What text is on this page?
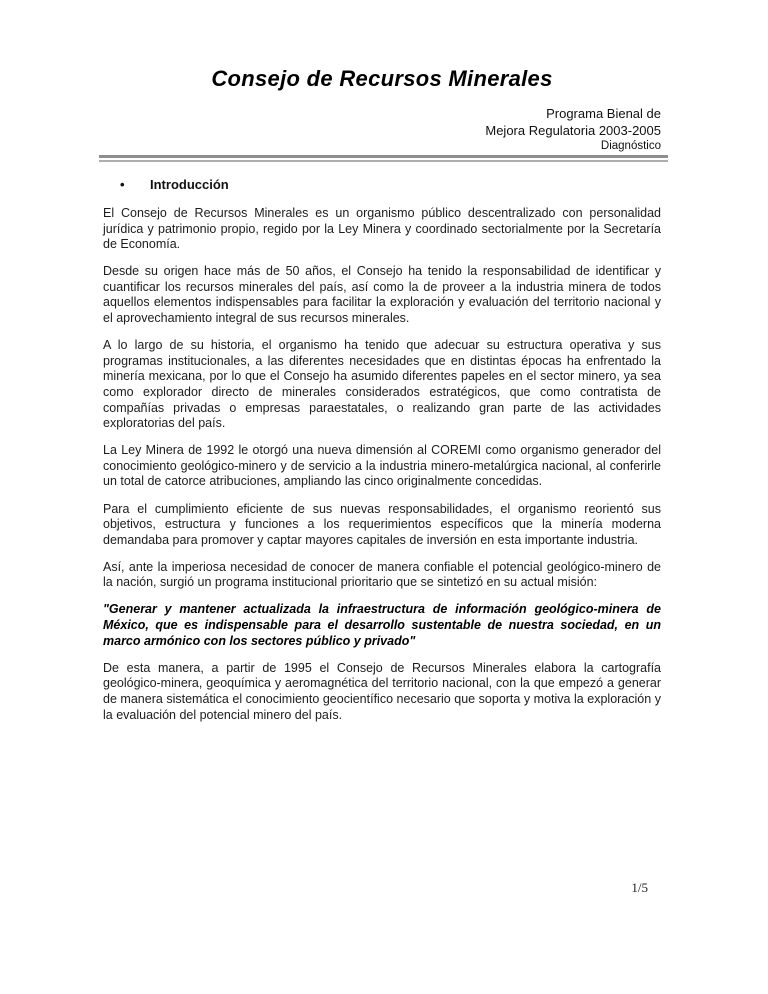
Consejo de Recursos Minerales
Programa Bienal de
Mejora Regulatoria 2003-2005
Diagnóstico
• Introducción

El Consejo de Recursos Minerales es un organismo público descentralizado con personalidad jurídica y patrimonio propio, regido por la Ley Minera y coordinado sectorialmente por la Secretaría de Economía.

Desde su origen hace más de 50 años, el Consejo ha tenido la responsabilidad de identificar y cuantificar los recursos minerales del país, así como la de proveer a la industria minera de todos aquellos elementos indispensables para facilitar la exploración y evaluación del territorio nacional y el aprovechamiento integral de sus recursos minerales.

A lo largo de su historia, el organismo ha tenido que adecuar su estructura operativa y sus programas institucionales, a las diferentes necesidades que en distintas épocas ha enfrentado la minería mexicana, por lo que el Consejo ha asumido diferentes papeles en el sector minero, ya sea como explorador directo de minerales considerados estratégicos, que como contratista de compañías privadas o empresas paraestatales, o realizando gran parte de las actividades exploratorias del país.

La Ley Minera de 1992 le otorgó una nueva dimensión al COREMI como organismo generador del conocimiento geológico-minero y de servicio a la industria minero-metalúrgica nacional, al conferirle un total de catorce atribuciones, ampliando las cinco originalmente concedidas.

Para el cumplimiento eficiente de sus nuevas responsabilidades, el organismo reorientó sus objetivos, estructura y funciones a los requerimientos específicos que la minería moderna demandaba para promover y captar mayores capitales de inversión en esta importante industria.

Así, ante la imperiosa necesidad de conocer de manera confiable el potencial geológico-minero de la nación, surgió un programa institucional prioritario que se sintetizó en su actual misión:

"Generar y mantener actualizada la infraestructura de información geológico-minera de México, que es indispensable para el desarrollo sustentable de nuestra sociedad, en un marco armónico con los sectores público y privado"

De esta manera, a partir de 1995 el Consejo de Recursos Minerales elabora la cartografía geológico-minera, geoquímica y aeromagnética del territorio nacional, con la que empezó a generar de manera sistemática el conocimiento geocientífico necesario que soporta y motiva la exploración y la evaluación del potencial minero del país.

1/5
